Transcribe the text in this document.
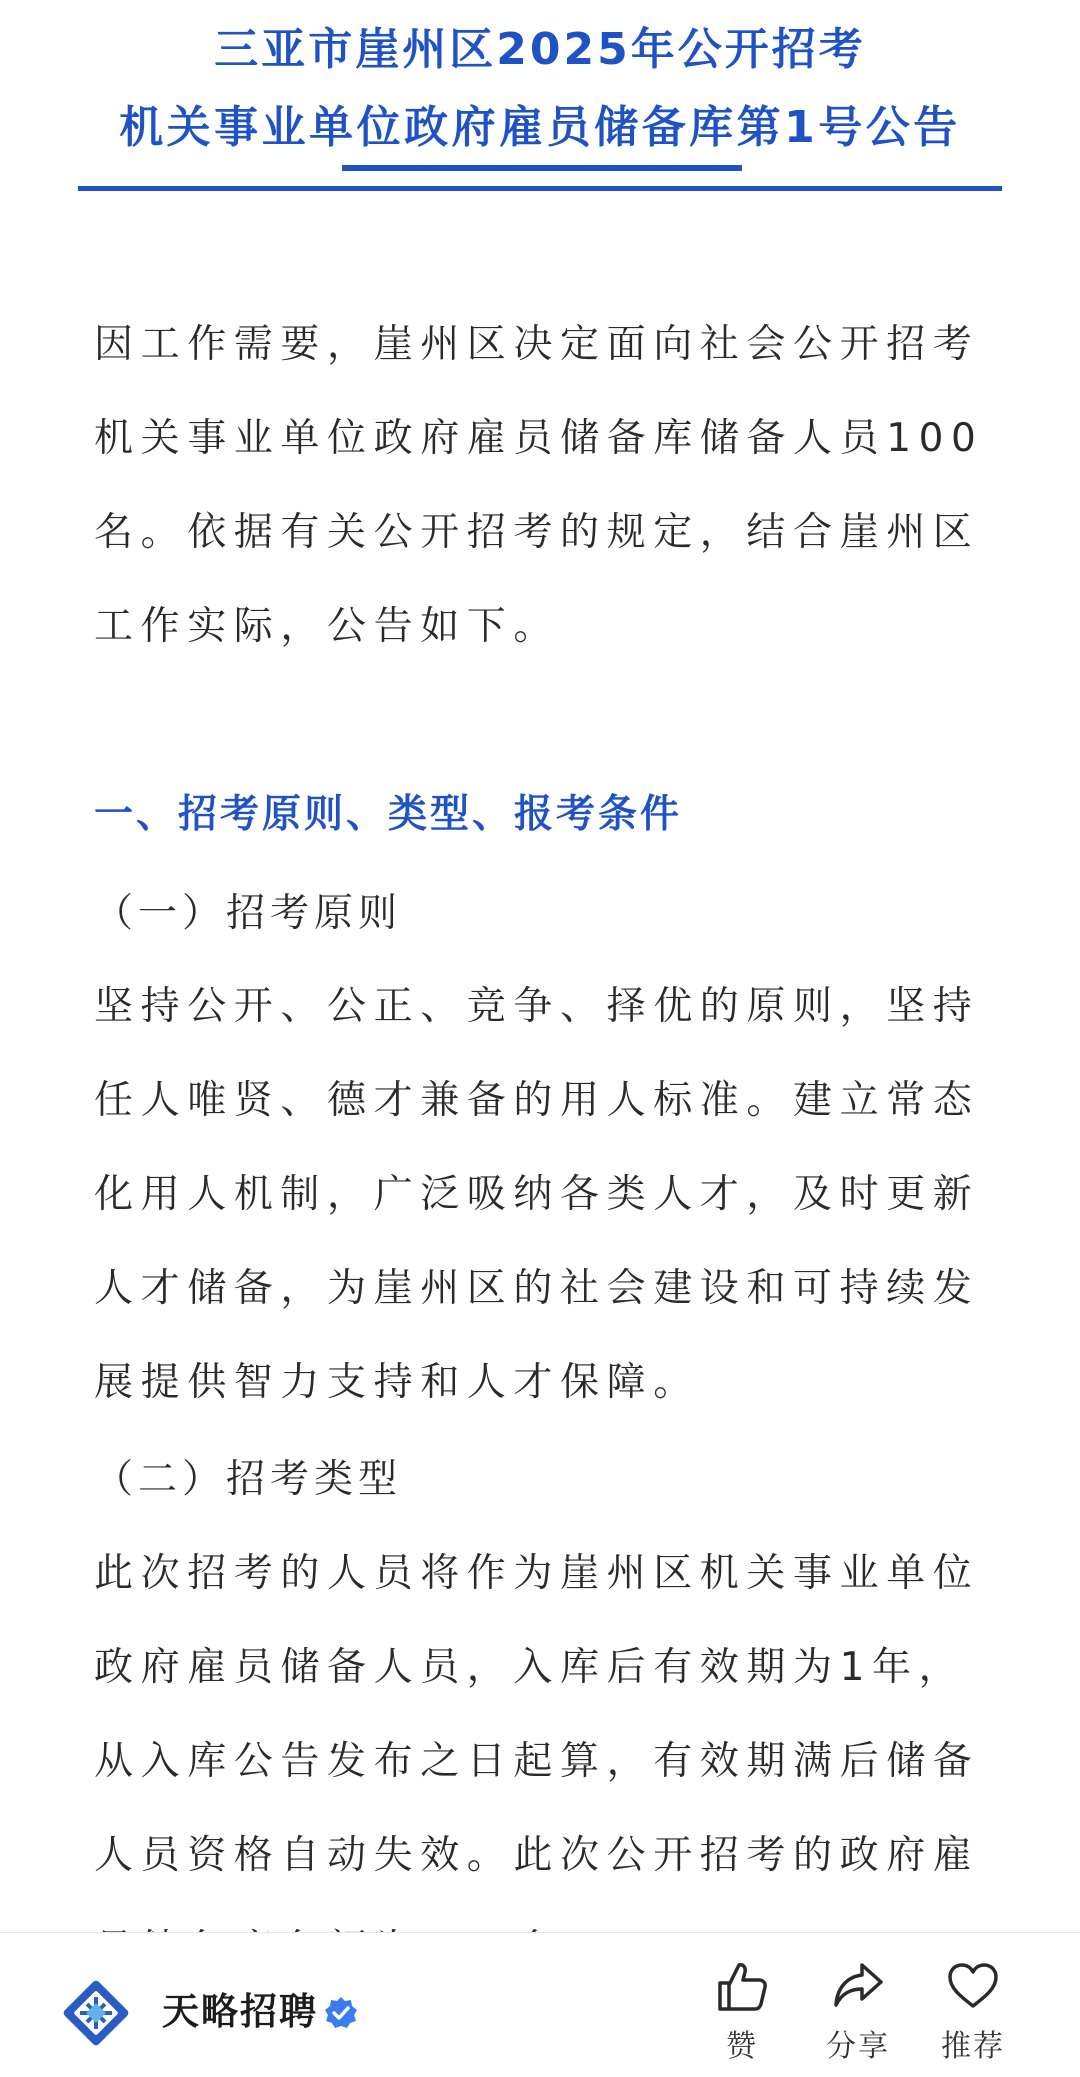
三亚市崖州区2025年公开招考
机关事业单位政府雇员储备库第1号公告
因工作需要，崖州区决定面向社会公开招考机关事业单位政府雇员储备库储备人员100名。依据有关公开招考的规定，结合崖州区工作实际，公告如下。
一、招考原则、类型、报考条件
（一）招考原则
坚持公开、公正、竞争、择优的原则，坚持任人唯贤、德才兼备的用人标准。建立常态化用人机制，广泛吸纳各类人才，及时更新人才储备，为崖州区的社会建设和可持续发展提供智力支持和人才保障。
（二）招考类型
此次招考的人员将作为崖州区机关事业单位政府雇员储备人员，入库后有效期为1年，从入库公告发布之日起算，有效期满后储备人员资格自动失效。此次公开招考的政府雇
天略招聘
赞	分享	推荐
